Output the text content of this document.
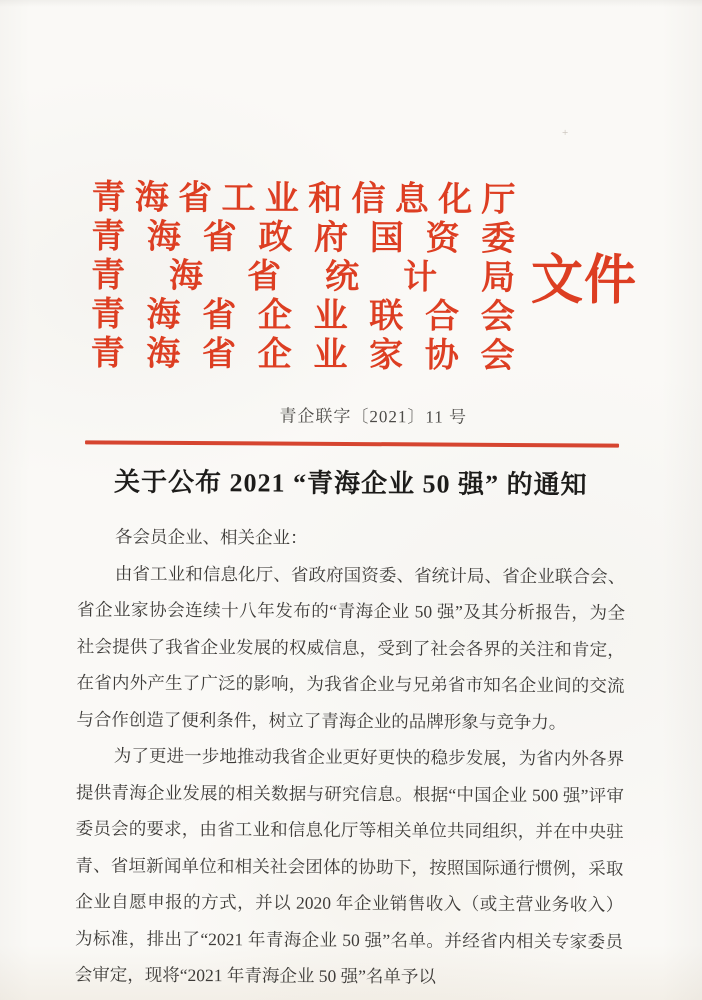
+
青 海 省 工 业 和 信 息 化 厅
青 海 省 政 府 国 资 委
青 海 省 统 计 局
青 海 省 企 业 联 合 会
青 海 省 企 业 家 协 会
文件
青企联字〔2021〕11 号
关于公布 2021 “青海企业 50 强” 的通知

各会员企业、相关企业：

由省工业和信息化厅、省政府国资委、省统计局、省企业联合会、省企业家协会连续十八年发布的“青海企业 50 强”及其分析报告，为全社会提供了我省企业发展的权威信息，受到了社会各界的关注和肯定，在省内外产生了广泛的影响，为我省企业与兄弟省市知名企业间的交流与合作创造了便利条件，树立了青海企业的品牌形象与竞争力。

为了更进一步地推动我省企业更好更快的稳步发展，为省内外各界提供青海企业发展的相关数据与研究信息。根据“中国企业 500 强”评审委员会的要求，由省工业和信息化厅等相关单位共同组织，并在中央驻青、省垣新闻单位和相关社会团体的协助下，按照国际通行惯例，采取企业自愿申报的方式，并以 2020 年企业销售收入（或主营业务收入）为标准，排出了“2021 年青海企业 50 强”名单。并经省内相关专家委员会审定，现将“2021 年青海企业 50 强”名单予以
